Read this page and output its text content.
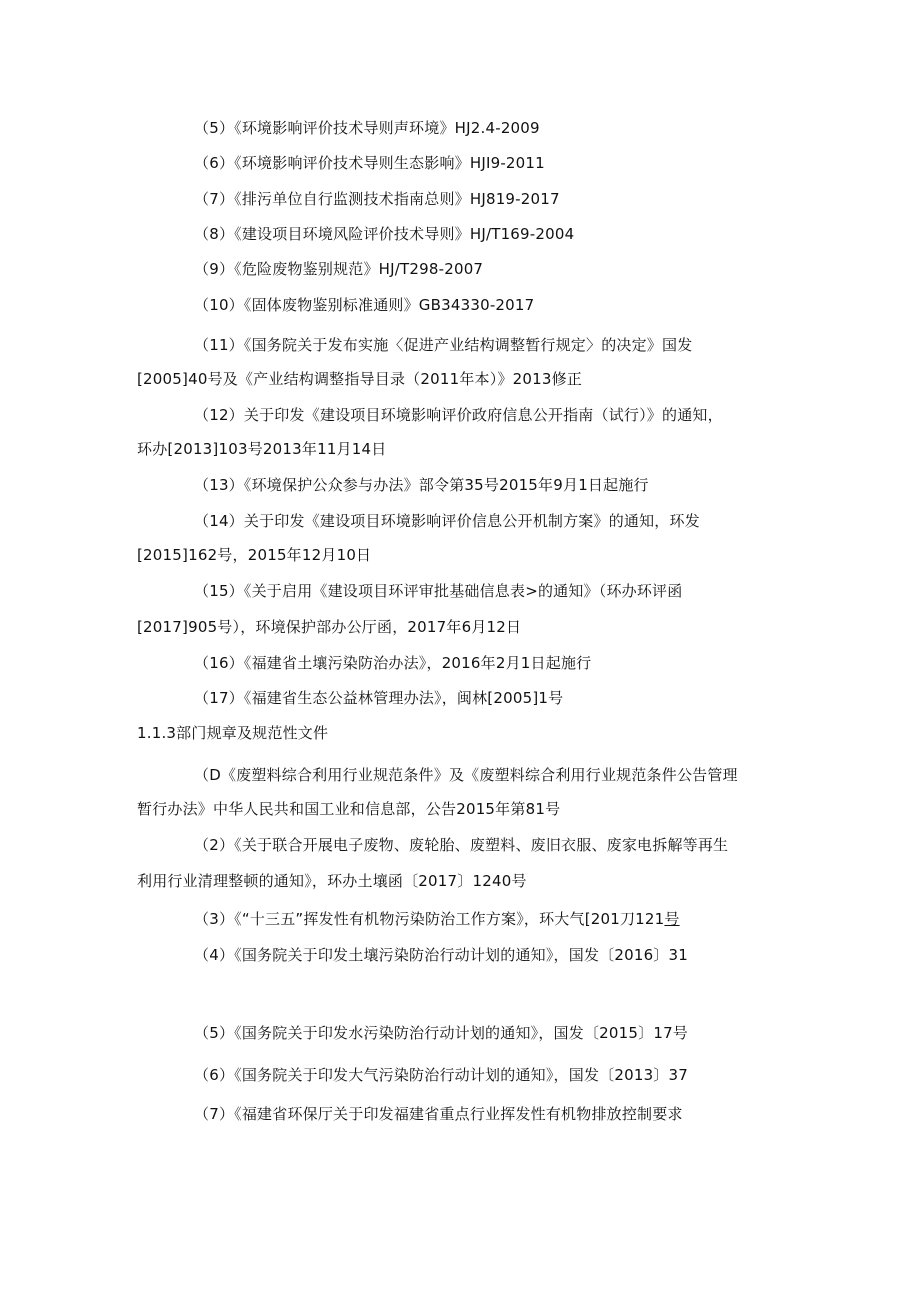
（5）《环境影响评价技术导则声环境》HJ2.4-2009
（6）《环境影响评价技术导则生态影响》HJI9-2011
（7）《排污单位自行监测技术指南总则》HJ819-2017
（8）《建设项目环境风险评价技术导则》HJ/T169-2004
（9）《危险废物鉴别规范》HJ/T298-2007
（10）《固体废物鉴别标准通则》GB34330-2017
（11）《国务院关于发布实施〈促进产业结构调整暂行规定〉的决定》国发
[2005]40号及《产业结构调整指导目录（2011年本）》2013修正
（12）关于印发《建设项目环境影响评价政府信息公开指南（试行）》的通知，
环办[2013]103号2013年11月14日
（13）《环境保护公众参与办法》部令第35号2015年9月1日起施行
（14）关于印发《建设项目环境影响评价信息公开机制方案》的通知，环发
[2015]162号，2015年12月10日
（15）《关于启用《建设项目环评审批基础信息表>的通知》（环办环评函
[2017]905号），环境保护部办公厅函，2017年6月12日
（16）《福建省土壤污染防治办法》，2016年2月1日起施行
（17）《福建省生态公益林管理办法》，闽林[2005]1号
1.1.3部门规章及规范性文件
（D《废塑料综合利用行业规范条件》及《废塑料综合利用行业规范条件公告管理
暂行办法》中华人民共和国工业和信息部，公告2015年第81号
（2）《关于联合开展电子废物、废轮胎、废塑料、废旧衣服、废家电拆解等再生
利用行业清理整顿的通知》，环办土壤函〔2017〕1240号
（3）《“十三五”挥发性有机物污染防治工作方案》，环大气[201刀121号
（4）《国务院关于印发土壤污染防治行动计划的通知》，国发〔2016〕31
（5）《国务院关于印发水污染防治行动计划的通知》，国发〔2015〕17号
（6）《国务院关于印发大气污染防治行动计划的通知》，国发〔2013〕37
（7）《福建省环保厅关于印发福建省重点行业挥发性有机物排放控制要求
